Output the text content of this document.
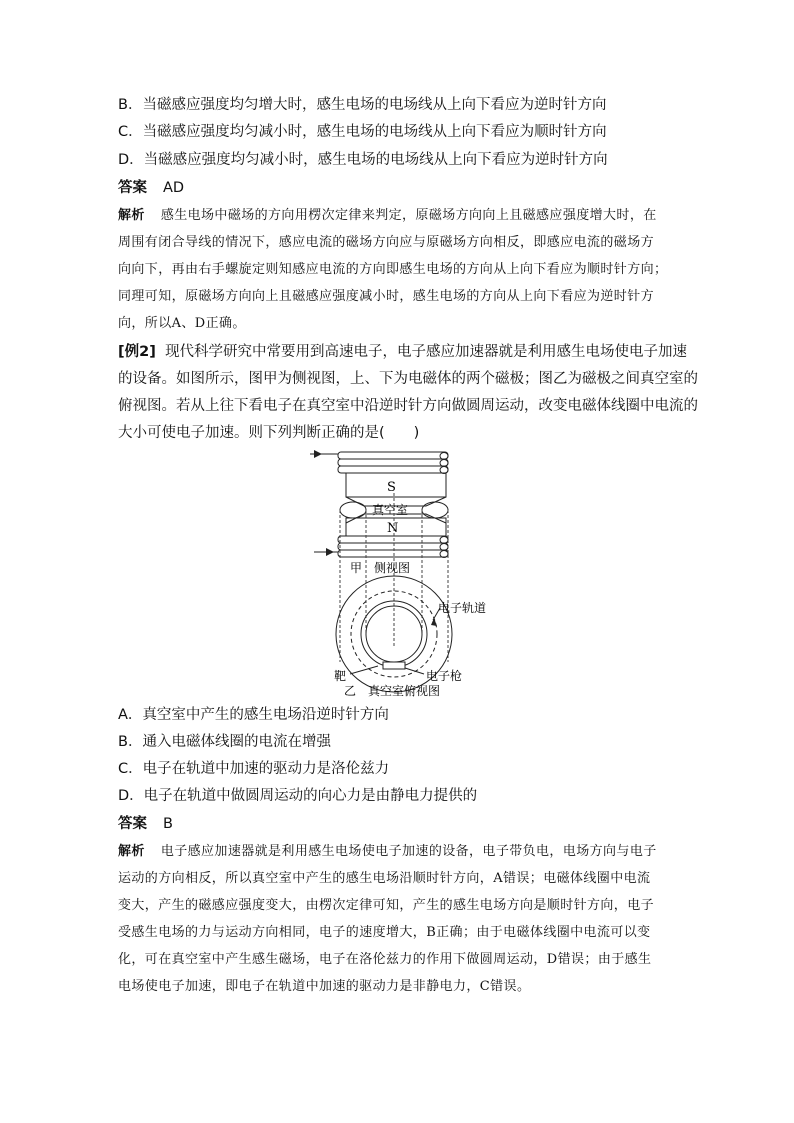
B．当磁感应强度均匀增大时，感生电场的电场线从上向下看应为逆时针方向
C．当磁感应强度均匀减小时，感生电场的电场线从上向下看应为顺时针方向
D．当磁感应强度均匀减小时，感生电场的电场线从上向下看应为逆时针方向
答案 AD
解析 感生电场中磁场的方向用楞次定律来判定，原磁场方向向上且磁感应强度增大时，在
周围有闭合导线的情况下，感应电流的磁场方向应与原磁场方向相反，即感应电流的磁场方
向向下，再由右手螺旋定则知感应电流的方向即感生电场的方向从上向下看应为顺时针方向；
同理可知，原磁场方向向上且磁感应强度减小时，感生电场的方向从上向下看应为逆时针方
向，所以A、D正确。
[例2] 现代科学研究中常要用到高速电子，电子感应加速器就是利用感生电场使电子加速
的设备。如图所示，图甲为侧视图，上、下为电磁体的两个磁极；图乙为磁极之间真空室的
俯视图。若从上往下看电子在真空室中沿逆时针方向做圆周运动，改变电磁体线圈中电流的
大小可使电子加速。则下列判断正确的是(　　)
S
真空室
N
甲　侧视图
电子轨道
电子枪
靶
乙　真空室俯视图
A．真空室中产生的感生电场沿逆时针方向
B．通入电磁体线圈的电流在增强
C．电子在轨道中加速的驱动力是洛伦兹力
D．电子在轨道中做圆周运动的向心力是由静电力提供的
答案 B
解析 电子感应加速器就是利用感生电场使电子加速的设备，电子带负电，电场方向与电子
运动的方向相反，所以真空室中产生的感生电场沿顺时针方向，A错误；电磁体线圈中电流
变大，产生的磁感应强度变大，由楞次定律可知，产生的感生电场方向是顺时针方向，电子
受感生电场的力与运动方向相同，电子的速度增大，B正确；由于电磁体线圈中电流可以变
化，可在真空室中产生感生磁场，电子在洛伦兹力的作用下做圆周运动，D错误；由于感生
电场使电子加速，即电子在轨道中加速的驱动力是非静电力，C错误。
